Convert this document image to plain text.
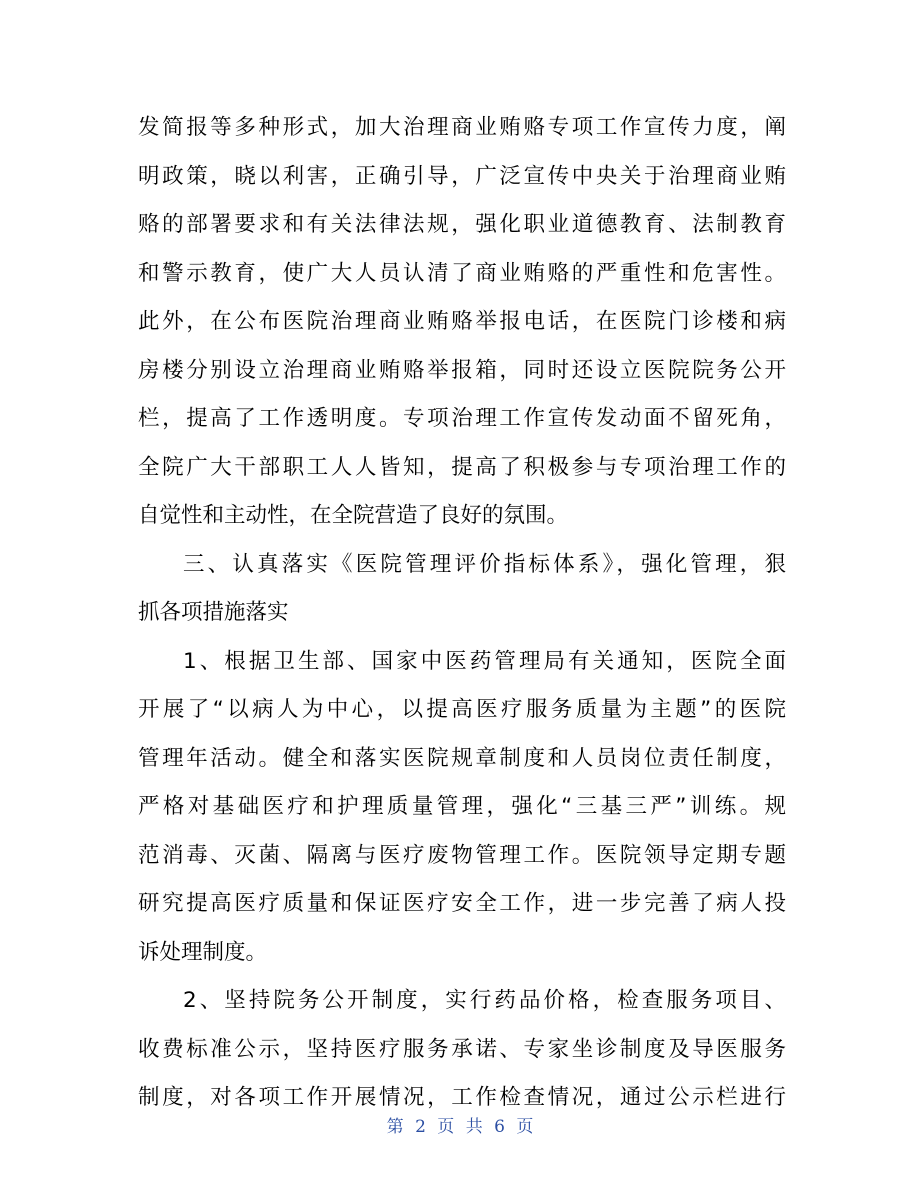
发简报等多种形式，加大治理商业贿赂专项工作宣传力度，阐
明政策，晓以利害，正确引导，广泛宣传中央关于治理商业贿
赂的部署要求和有关法律法规，强化职业道德教育、法制教育
和警示教育，使广大人员认清了商业贿赂的严重性和危害性。
此外，在公布医院治理商业贿赂举报电话，在医院门诊楼和病
房楼分别设立治理商业贿赂举报箱，同时还设立医院院务公开
栏，提高了工作透明度。专项治理工作宣传发动面不留死角，
全院广大干部职工人人皆知，提高了积极参与专项治理工作的
自觉性和主动性，在全院营造了良好的氛围。
三、认真落实《医院管理评价指标体系》，强化管理，狠
抓各项措施落实
1、根据卫生部、国家中医药管理局有关通知，医院全面
开展了“以病人为中心，以提高医疗服务质量为主题”的医院
管理年活动。健全和落实医院规章制度和人员岗位责任制度，
严格对基础医疗和护理质量管理，强化“三基三严”训练。规
范消毒、灭菌、隔离与医疗废物管理工作。医院领导定期专题
研究提高医疗质量和保证医疗安全工作，进一步完善了病人投
诉处理制度。
2、坚持院务公开制度，实行药品价格，检查服务项目、
收费标准公示，坚持医疗服务承诺、专家坐诊制度及导医服务
制度，对各项工作开展情况，工作检查情况，通过公示栏进行
第 2 页 共 6 页
